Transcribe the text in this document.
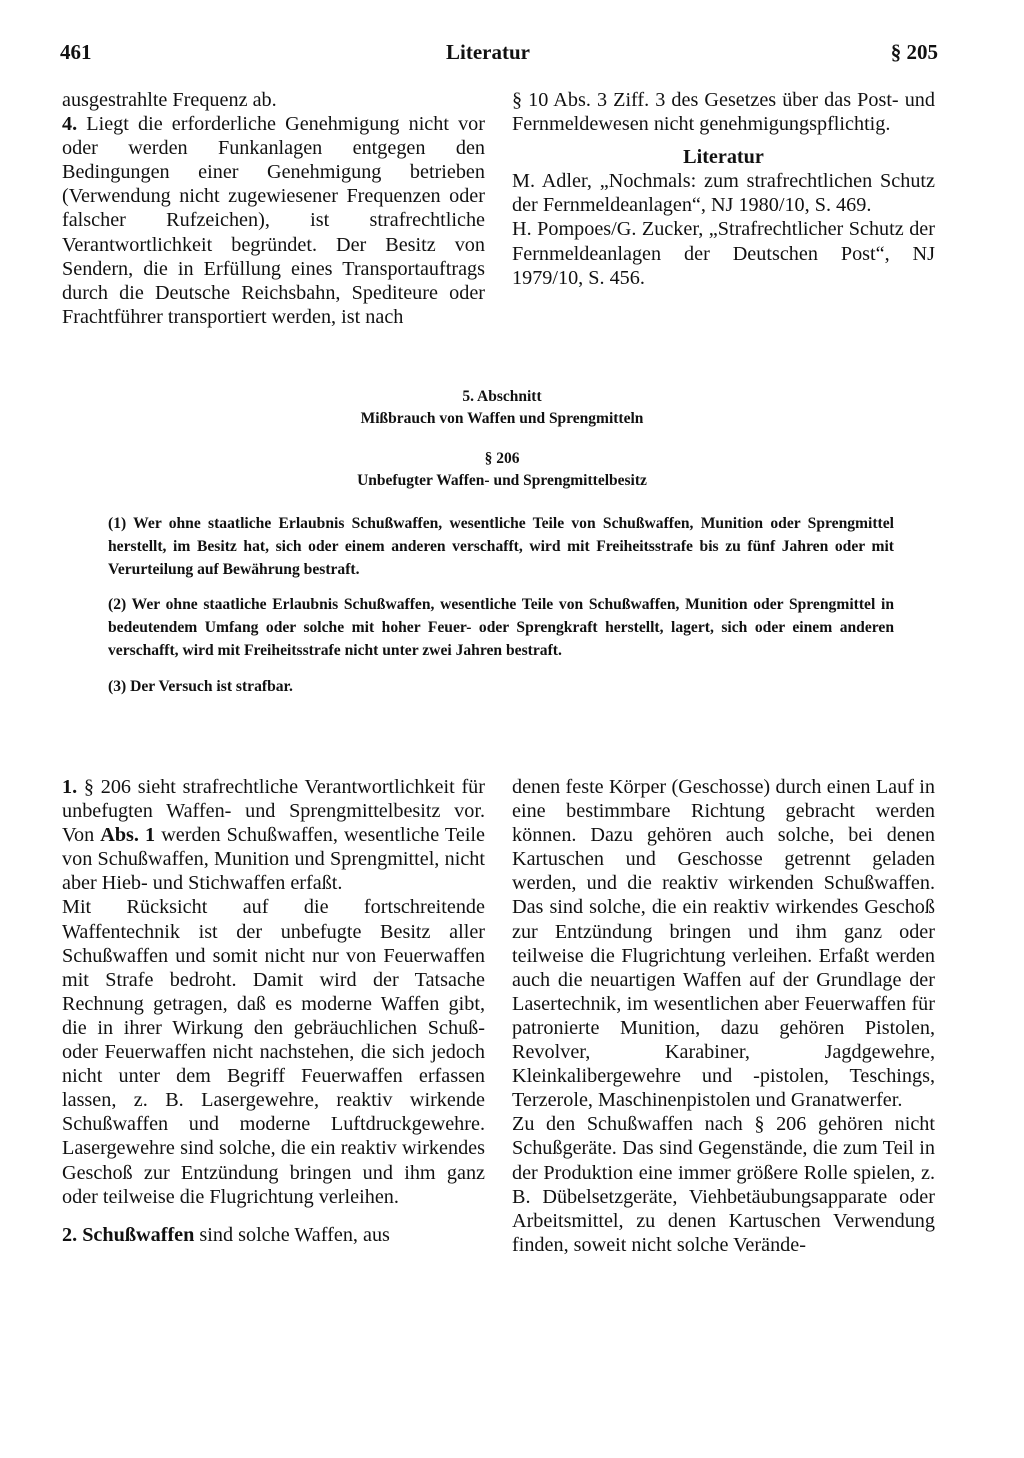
461	Literatur	§ 205

ausgestrahlte Frequenz ab.

4. Liegt die erforderliche Genehmigung nicht vor oder werden Funkanlagen entgegen den Bedingungen einer Genehmigung betrieben (Verwendung nicht zugewiesener Frequenzen oder falscher Rufzeichen), ist strafrechtliche Verantwortlichkeit begründet. Der Besitz von Sendern, die in Erfüllung eines Transportauftrags durch die Deutsche Reichsbahn, Spediteure oder Frachtführer transportiert werden, ist nach

§ 10 Abs. 3 Ziff. 3 des Gesetzes über das Post- und Fernmeldewesen nicht genehmigungspflichtig.

Literatur

M. Adler, „Nochmals: zum strafrechtlichen Schutz der Fernmeldeanlagen“, NJ 1980/10, S. 469.

H. Pompoes/G. Zucker, „Strafrechtlicher Schutz der Fernmeldeanlagen der Deutschen Post“, NJ 1979/10, S. 456.

5. Abschnitt

Mißbrauch von Waffen und Sprengmitteln

§ 206

Unbefugter Waffen- und Sprengmittelbesitz

(1) Wer ohne staatliche Erlaubnis Schußwaffen, wesentliche Teile von Schußwaffen, Munition oder Sprengmittel herstellt, im Besitz hat, sich oder einem anderen verschafft, wird mit Freiheitsstrafe bis zu fünf Jahren oder mit Verurteilung auf Bewährung bestraft.

(2) Wer ohne staatliche Erlaubnis Schußwaffen, wesentliche Teile von Schußwaffen, Munition oder Sprengmittel in bedeutendem Umfang oder solche mit hoher Feuer- oder Sprengkraft herstellt, lagert, sich oder einem anderen verschafft, wird mit Freiheitsstrafe nicht unter zwei Jahren bestraft.

(3) Der Versuch ist strafbar.

1. § 206 sieht strafrechtliche Verantwortlichkeit für unbefugten Waffen- und Sprengmittelbesitz vor. Von Abs. 1 werden Schußwaffen, wesentliche Teile von Schußwaffen, Munition und Sprengmittel, nicht aber Hieb- und Stichwaffen erfaßt.

Mit Rücksicht auf die fortschreitende Waffentechnik ist der unbefugte Besitz aller Schußwaffen und somit nicht nur von Feuerwaffen mit Strafe bedroht. Damit wird der Tatsache Rechnung getragen, daß es moderne Waffen gibt, die in ihrer Wirkung den gebräuchlichen Schuß- oder Feuerwaffen nicht nachstehen, die sich jedoch nicht unter dem Begriff Feuerwaffen erfassen lassen, z. B. Lasergewehre, reaktiv wirkende Schußwaffen und moderne Luftdruckgewehre. Lasergewehre sind solche, die ein reaktiv wirkendes Geschoß zur Entzündung bringen und ihm ganz oder teilweise die Flugrichtung verleihen.

2. Schußwaffen sind solche Waffen, aus

denen feste Körper (Geschosse) durch einen Lauf in eine bestimmbare Richtung gebracht werden können. Dazu gehören auch solche, bei denen Kartuschen und Geschosse getrennt geladen werden, und die reaktiv wirkenden Schußwaffen. Das sind solche, die ein reaktiv wirkendes Geschoß zur Entzündung bringen und ihm ganz oder teilweise die Flugrichtung verleihen. Erfaßt werden auch die neuartigen Waffen auf der Grundlage der Lasertechnik, im wesentlichen aber Feuerwaffen für patronierte Munition, dazu gehören Pistolen, Revolver, Karabiner, Jagdgewehre, Kleinkalibergewehre und -pistolen, Teschings, Terzerole, Maschinenpistolen und Granatwerfer.

Zu den Schußwaffen nach § 206 gehören nicht Schußgeräte. Das sind Gegenstände, die zum Teil in der Produktion eine immer größere Rolle spielen, z. B. Dübelsetzgeräte, Viehbetäubungsapparate oder Arbeitsmittel, zu denen Kartuschen Verwendung finden, soweit nicht solche Verände-
